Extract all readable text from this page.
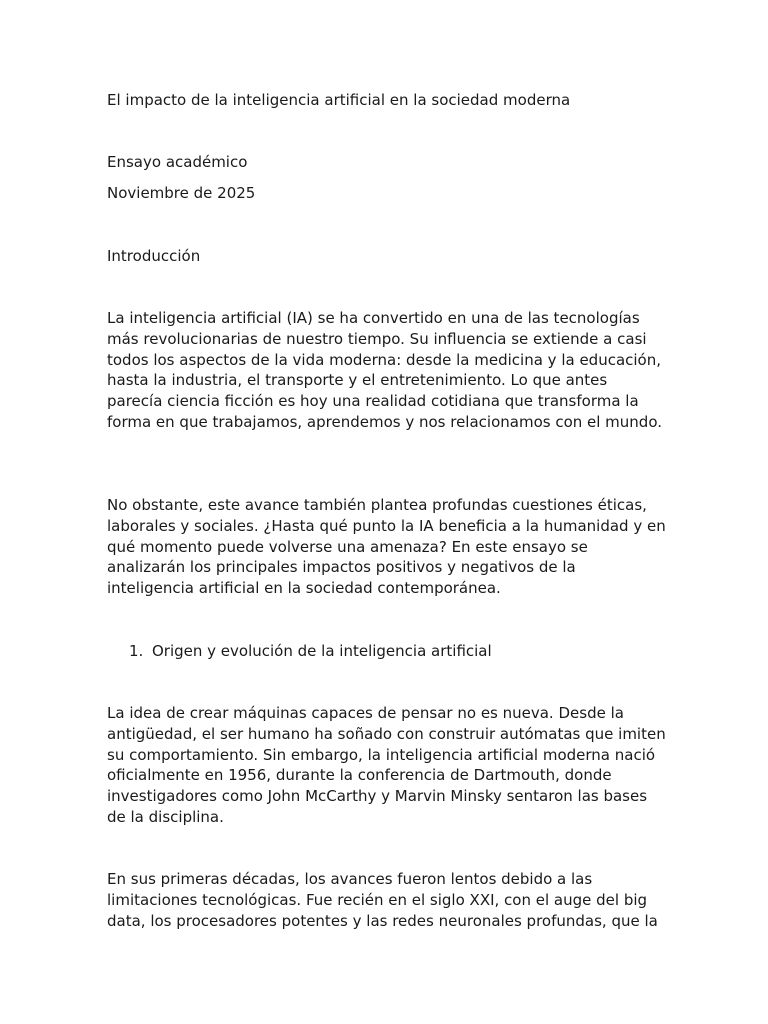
El impacto de la inteligencia artificial en la sociedad moderna
Ensayo académico
Noviembre de 2025
Introducción

La inteligencia artificial (IA) se ha convertido en una de las tecnologías más revolucionarias de nuestro tiempo. Su influencia se extiende a casi todos los aspectos de la vida moderna: desde la medicina y la educación, hasta la industria, el transporte y el entretenimiento. Lo que antes parecía ciencia ficción es hoy una realidad cotidiana que transforma la forma en que trabajamos, aprendemos y nos relacionamos con el mundo.

No obstante, este avance también plantea profundas cuestiones éticas, laborales y sociales. ¿Hasta qué punto la IA beneficia a la humanidad y en qué momento puede volverse una amenaza? En este ensayo se analizarán los principales impactos positivos y negativos de la inteligencia artificial en la sociedad contemporánea.

1. Origen y evolución de la inteligencia artificial

La idea de crear máquinas capaces de pensar no es nueva. Desde la antigüedad, el ser humano ha soñado con construir autómatas que imiten su comportamiento. Sin embargo, la inteligencia artificial moderna nació oficialmente en 1956, durante la conferencia de Dartmouth, donde investigadores como John McCarthy y Marvin Minsky sentaron las bases de la disciplina.

En sus primeras décadas, los avances fueron lentos debido a las limitaciones tecnológicas. Fue recién en el siglo XXI, con el auge del big data, los procesadores potentes y las redes neuronales profundas, que la
